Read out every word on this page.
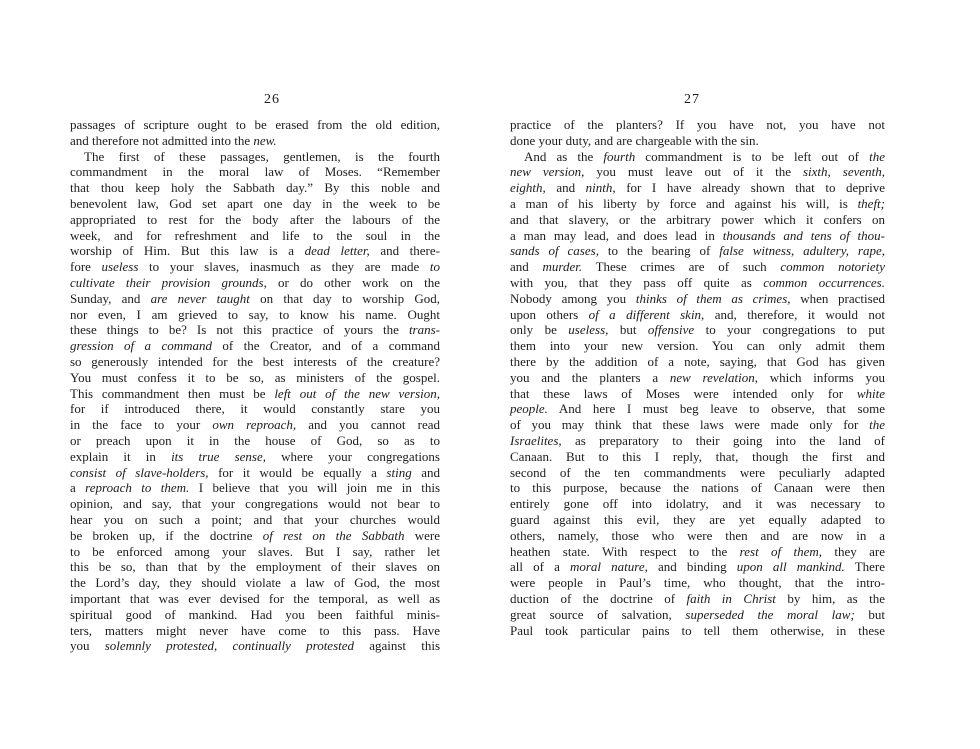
26
passages of scripture ought to be erased from the old edition,
and therefore not admitted into the new.
The first of these passages, gentlemen, is the fourth
commandment in the moral law of Moses. “Remember
that thou keep holy the Sabbath day.” By this noble and
benevolent law, God set apart one day in the week to be
appropriated to rest for the body after the labours of the
week, and for refreshment and life to the soul in the
worship of Him. But this law is a dead letter, and there-
fore useless to your slaves, inasmuch as they are made to
cultivate their provision grounds, or do other work on the
Sunday, and are never taught on that day to worship God,
nor even, I am grieved to say, to know his name. Ought
these things to be? Is not this practice of yours the trans-
gression of a command of the Creator, and of a command
so generously intended for the best interests of the creature?
You must confess it to be so, as ministers of the gospel.
This commandment then must be left out of the new version,
for if introduced there, it would constantly stare you
in the face to your own reproach, and you cannot read
or preach upon it in the house of God, so as to
explain it in its true sense, where your congregations
consist of slave-holders, for it would be equally a sting and
a reproach to them. I believe that you will join me in this
opinion, and say, that your congregations would not bear to
hear you on such a point; and that your churches would
be broken up, if the doctrine of rest on the Sabbath were
to be enforced among your slaves. But I say, rather let
this be so, than that by the employment of their slaves on
the Lord’s day, they should violate a law of God, the most
important that was ever devised for the temporal, as well as
spiritual good of mankind. Had you been faithful minis-
ters, matters might never have come to this pass. Have
you solemnly protested, continually protested against this
27
practice of the planters? If you have not, you have not
done your duty, and are chargeable with the sin.
And as the fourth commandment is to be left out of the
new version, you must leave out of it the sixth, seventh,
eighth, and ninth, for I have already shown that to deprive
a man of his liberty by force and against his will, is theft;
and that slavery, or the arbitrary power which it confers on
a man may lead, and does lead in thousands and tens of thou-
sands of cases, to the bearing of false witness, adultery, rape,
and murder. These crimes are of such common notoriety
with you, that they pass off quite as common occurrences.
Nobody among you thinks of them as crimes, when practised
upon others of a different skin, and, therefore, it would not
only be useless, but offensive to your congregations to put
them into your new version. You can only admit them
there by the addition of a note, saying, that God has given
you and the planters a new revelation, which informs you
that these laws of Moses were intended only for white
people. And here I must beg leave to observe, that some
of you may think that these laws were made only for the
Israelites, as preparatory to their going into the land of
Canaan. But to this I reply, that, though the first and
second of the ten commandments were peculiarly adapted
to this purpose, because the nations of Canaan were then
entirely gone off into idolatry, and it was necessary to
guard against this evil, they are yet equally adapted to
others, namely, those who were then and are now in a
heathen state. With respect to the rest of them, they are
all of a moral nature, and binding upon all mankind. There
were people in Paul’s time, who thought, that the intro-
duction of the doctrine of faith in Christ by him, as the
great source of salvation, superseded the moral law; but
Paul took particular pains to tell them otherwise, in these
